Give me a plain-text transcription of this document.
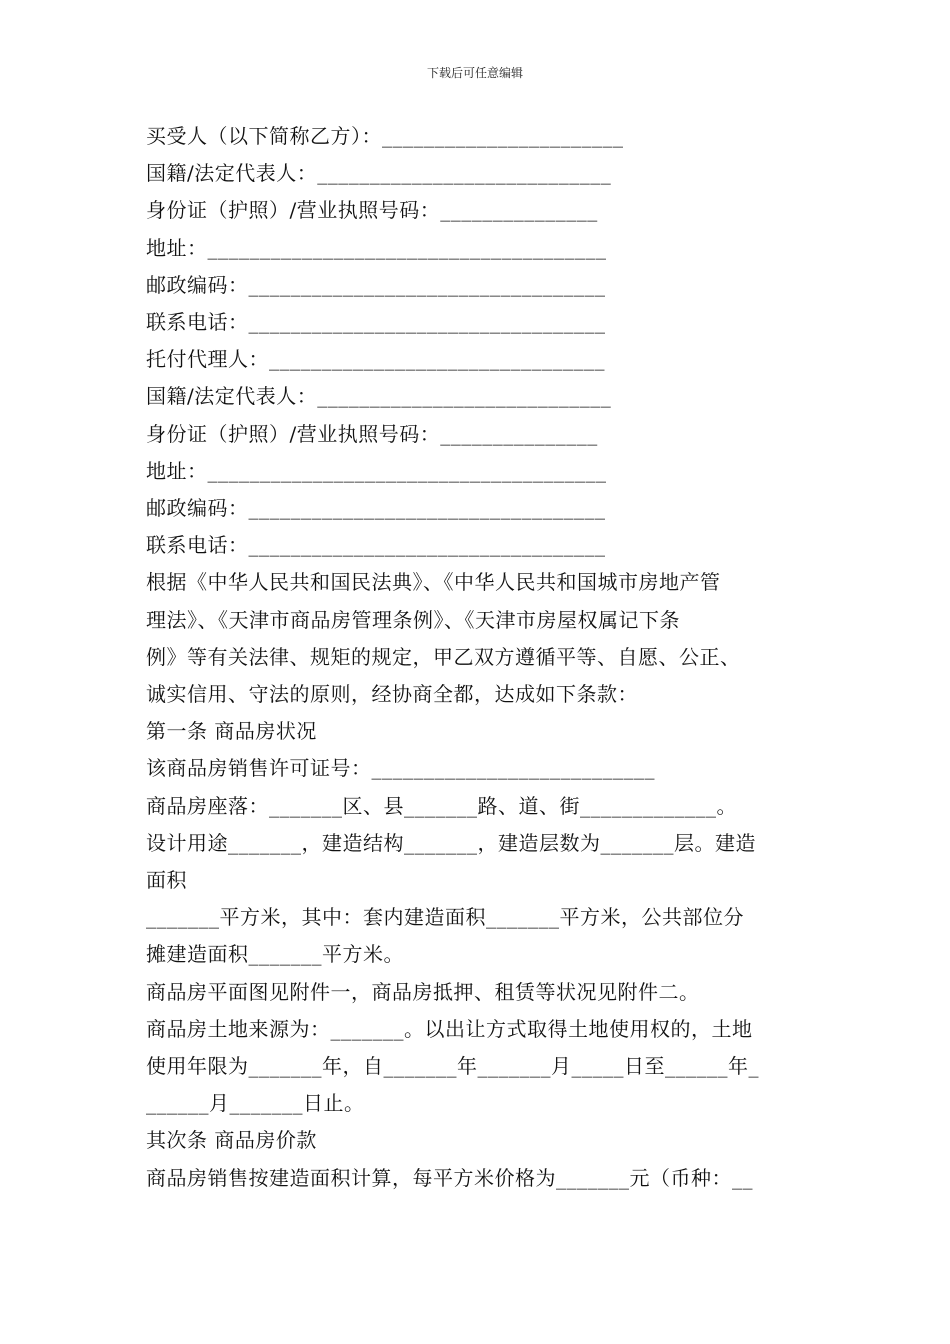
下载后可任意编辑
买受人（以下简称乙方）：_______________________
国籍/法定代表人：____________________________
身份证（护照）/营业执照号码：_______________
地址：______________________________________
邮政编码：__________________________________
联系电话：__________________________________
托付代理人：________________________________
国籍/法定代表人：____________________________
身份证（护照）/营业执照号码：_______________
地址：______________________________________
邮政编码：__________________________________
联系电话：__________________________________
根据《中华人民共和国民法典》、《中华人民共和国城市房地产管
理法》、《天津市商品房管理条例》、《天津市房屋权属记下条
例》等有关法律、规矩的规定，甲乙双方遵循平等、自愿、公正、
诚实信用、守法的原则，经协商全都，达成如下条款：
第一条 商品房状况
该商品房销售许可证号：___________________________
商品房座落：_______区、县_______路、道、街_____________。
设计用途_______，建造结构_______，建造层数为_______层。建造
面积
_______平方米，其中：套内建造面积_______平方米，公共部位分
摊建造面积_______平方米。
商品房平面图见附件一，商品房抵押、租赁等状况见附件二。
商品房土地来源为：_______。以出让方式取得土地使用权的，土地
使用年限为_______年，自_______年_______月_____日至______年_
______月_______日止。
其次条 商品房价款
商品房销售按建造面积计算，每平方米价格为_______元（币种：__
